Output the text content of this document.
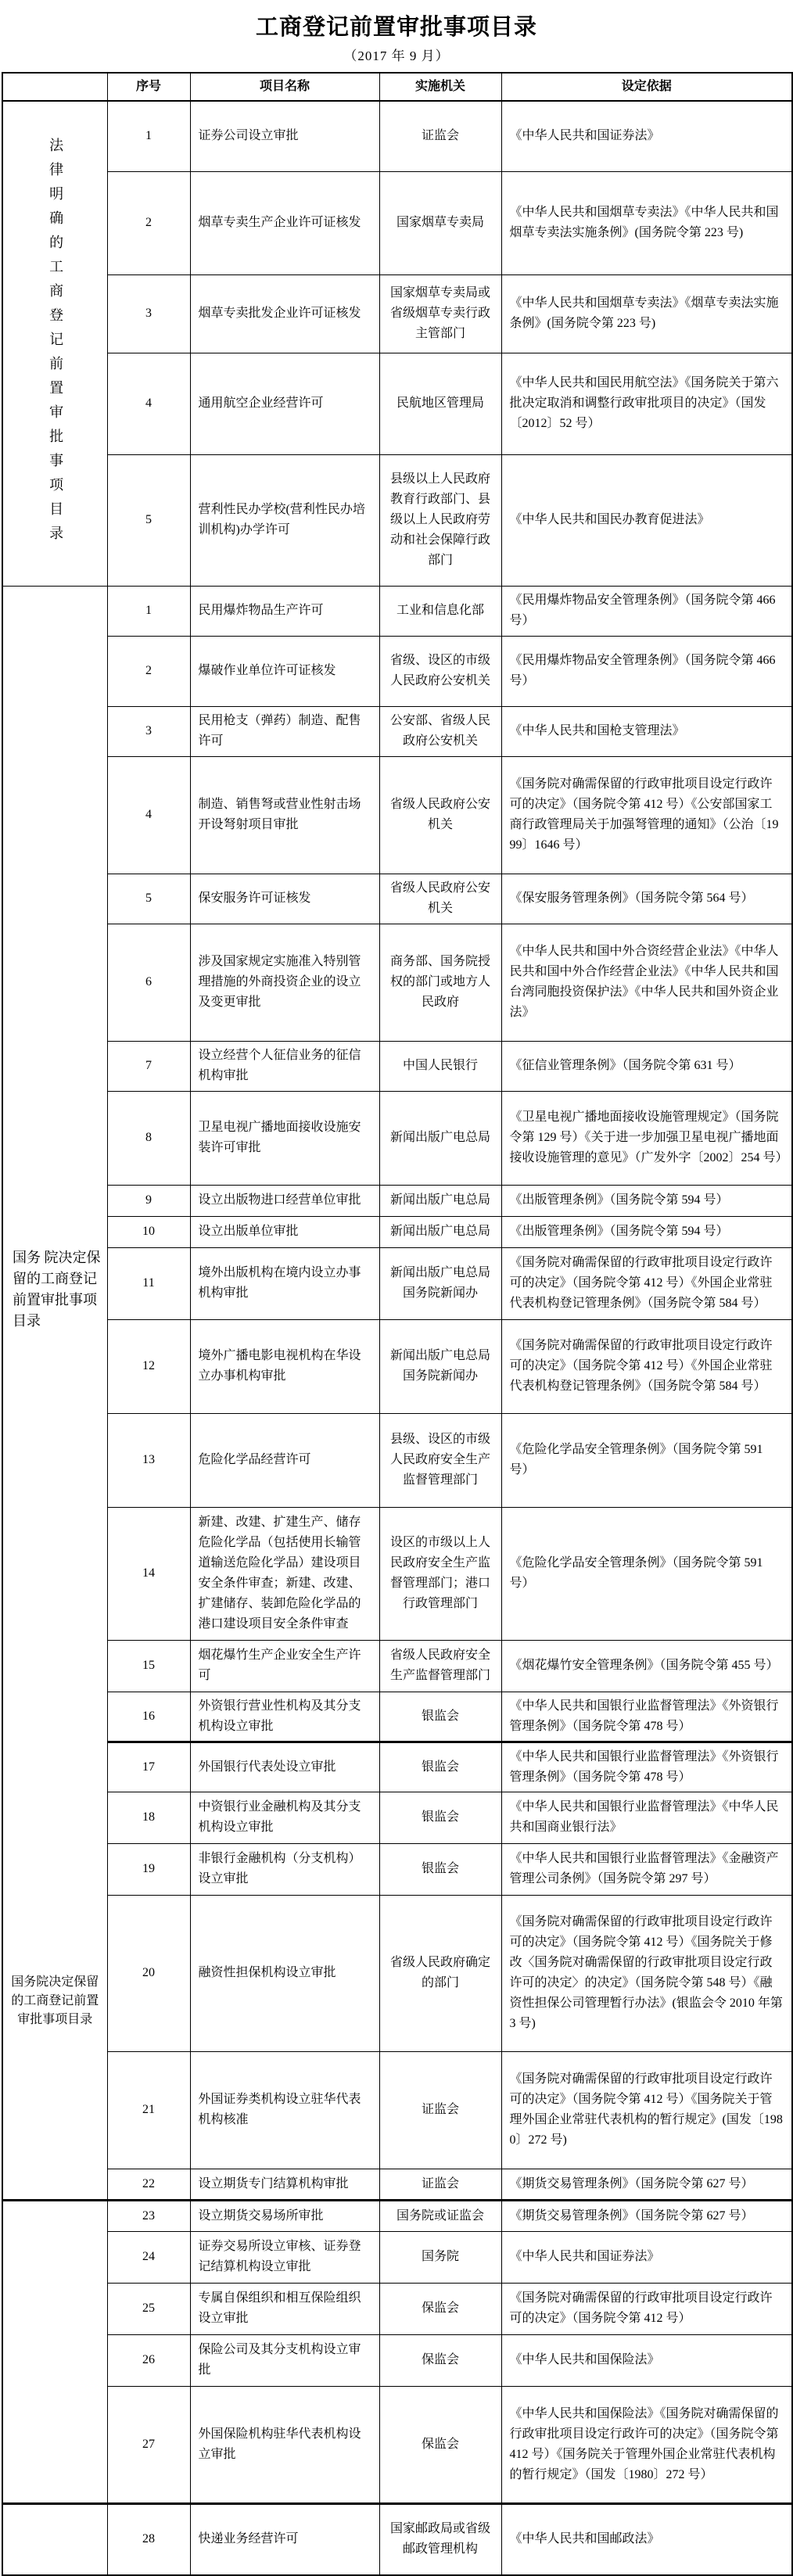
工商登记前置审批事项目录
（2017 年 9 月）
	序号	项目名称	实施机关	设定依据

法律明确的工商登记前置审批事项目录	1	证券公司设立审批	证监会	《中华人民共和国证券法》
	2	烟草专卖生产企业许可证核发	国家烟草专卖局	《中华人民共和国烟草专卖法》《中华人民共和国烟草专卖法实施条例》(国务院令第 223 号)
	3	烟草专卖批发企业许可证核发	国家烟草专卖局或省级烟草专卖行政主管部门	《中华人民共和国烟草专卖法》《烟草专卖法实施条例》(国务院令第 223 号)
	4	通用航空企业经营许可	民航地区管理局	《中华人民共和国民用航空法》《国务院关于第六批决定取消和调整行政审批项目的决定》（国发〔2012〕52 号）
	5	营利性民办学校(营利性民办培训机构)办学许可	县级以上人民政府教育行政部门、县级以上人民政府劳动和社会保障行政部门	《中华人民共和国民办教育促进法》

国务 院决定保留的工商登记前置审批事项目录
国务院决定保留的工商登记前置审批事项目录	1	民用爆炸物品生产许可	工业和信息化部	《民用爆炸物品安全管理条例》（国务院令第 466 号）
	2	爆破作业单位许可证核发	省级、设区的市级人民政府公安机关	《民用爆炸物品安全管理条例》（国务院令第 466 号）
	3	民用枪支（弹药）制造、配售许可	公安部、省级人民政府公安机关	《中华人民共和国枪支管理法》
	4	制造、销售弩或营业性射击场开设弩射项目审批	省级人民政府公安机关	《国务院对确需保留的行政审批项目设定行政许可的决定》（国务院令第 412 号）《公安部国家工商行政管理局关于加强弩管理的通知》（公治〔1999〕1646 号）
	5	保安服务许可证核发	省级人民政府公安机关	《保安服务管理条例》（国务院令第 564 号）
	6	涉及国家规定实施准入特别管理措施的外商投资企业的设立及变更审批	商务部、国务院授权的部门或地方人民政府	《中华人民共和国中外合资经营企业法》《中华人民共和国中外合作经营企业法》《中华人民共和国台湾同胞投资保护法》《中华人民共和国外资企业法》
	7	设立经营个人征信业务的征信机构审批	中国人民银行	《征信业管理条例》（国务院令第 631 号）
	8	卫星电视广播地面接收设施安装许可审批	新闻出版广电总局	《卫星电视广播地面接收设施管理规定》（国务院令第 129 号）《关于进一步加强卫星电视广播地面接收设施管理的意见》（广发外字〔2002〕254 号）
	9	设立出版物进口经营单位审批	新闻出版广电总局	《出版管理条例》（国务院令第 594 号）
	10	设立出版单位审批	新闻出版广电总局	《出版管理条例》（国务院令第 594 号）
	11	境外出版机构在境内设立办事机构审批	新闻出版广电总局 国务院新闻办	《国务院对确需保留的行政审批项目设定行政许可的决定》（国务院令第 412 号）《外国企业常驻代表机构登记管理条例》（国务院令第 584 号）
	12	境外广播电影电视机构在华设立办事机构审批	新闻出版广电总局 国务院新闻办	《国务院对确需保留的行政审批项目设定行政许可的决定》（国务院令第 412 号）《外国企业常驻代表机构登记管理条例》（国务院令第 584 号）
	13	危险化学品经营许可	县级、设区的市级人民政府安全生产监督管理部门	《危险化学品安全管理条例》（国务院令第 591 号）
	14	新建、改建、扩建生产、储存危险化学品（包括使用长输管道输送危险化学品）建设项目安全条件审查；新建、改建、扩建储存、装卸危险化学品的港口建设项目安全条件审查	设区的市级以上人民政府安全生产监督管理部门；港口行政管理部门	《危险化学品安全管理条例》（国务院令第 591 号）
	15	烟花爆竹生产企业安全生产许可	省级人民政府安全生产监督管理部门	《烟花爆竹安全管理条例》（国务院令第 455 号）
	16	外资银行营业性机构及其分支机构设立审批	银监会	《中华人民共和国银行业监督管理法》《外资银行管理条例》（国务院令第 478 号）
	17	外国银行代表处设立审批	银监会	《中华人民共和国银行业监督管理法》《外资银行管理条例》（国务院令第 478 号）
	18	中资银行业金融机构及其分支机构设立审批	银监会	《中华人民共和国银行业监督管理法》《中华人民共和国商业银行法》
	19	非银行金融机构（分支机构）设立审批	银监会	《中华人民共和国银行业监督管理法》《金融资产管理公司条例》（国务院令第 297 号）
	20	融资性担保机构设立审批	省级人民政府确定的部门	《国务院对确需保留的行政审批项目设定行政许可的决定》（国务院令第 412 号）《国务院关于修改〈国务院对确需保留的行政审批项目设定行政许可的决定〉的决定》（国务院令第 548 号）《融资性担保公司管理暂行办法》(银监会令 2010 年第 3 号)
	21	外国证券类机构设立驻华代表机构核准	证监会	《国务院对确需保留的行政审批项目设定行政许可的决定》（国务院令第 412 号）《国务院关于管理外国企业常驻代表机构的暂行规定》(国发〔1980〕272 号)
	22	设立期货专门结算机构审批	证监会	《期货交易管理条例》（国务院令第 627 号）
	23	设立期货交易场所审批	国务院或证监会	《期货交易管理条例》（国务院令第 627 号）
	24	证券交易所设立审核、证券登记结算机构设立审批	国务院	《中华人民共和国证券法》
	25	专属自保组织和相互保险组织设立审批	保监会	《国务院对确需保留的行政审批项目设定行政许可的决定》（国务院令第 412 号）
	26	保险公司及其分支机构设立审批	保监会	《中华人民共和国保险法》
	27	外国保险机构驻华代表机构设立审批	保监会	《中华人民共和国保险法》《国务院对确需保留的行政审批项目设定行政许可的决定》（国务院令第 412 号）《国务院关于管理外国企业常驻代表机构的暂行规定》（国发〔1980〕272 号）
	28	快递业务经营许可	国家邮政局或省级邮政管理机构	《中华人民共和国邮政法》
